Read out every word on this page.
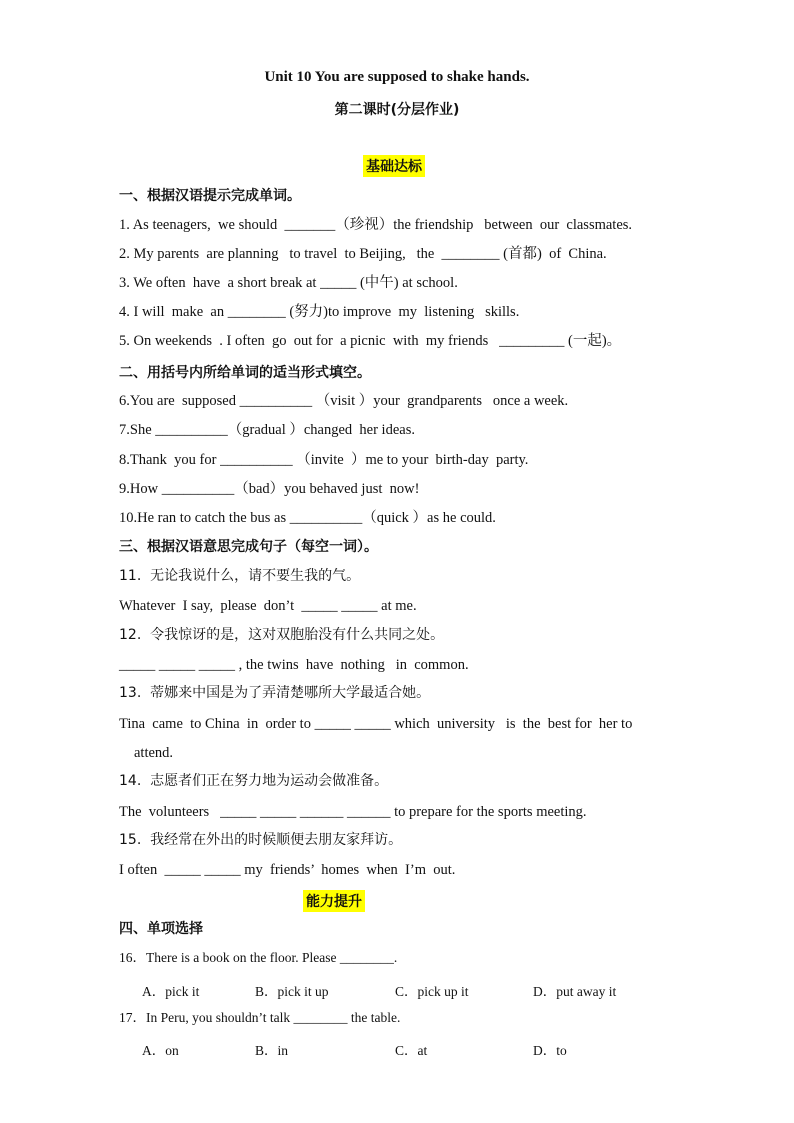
Unit 10 You are supposed to shake hands.
第二课时(分层作业)
基础达标
一、根据汉语提示完成单词。
1. As teenagers,  we should  _______（珍视）the friendship   between  our  classmates.
2. My parents  are planning   to travel  to Beijing,   the  ________ (首都)  of  China.
3. We often  have  a short break at _____ (中午) at school.
4. I will  make  an ________ (努力)to improve  my  listening   skills.
5. On weekends  . I often  go  out for  a picnic  with  my friends   _________ (一起)。
二、用括号内所给单词的适当形式填空。
6.You are  supposed __________ （visit ）your  grandparents   once a week.
7.She __________（gradual ）changed  her ideas.
8.Thank  you for __________ （invite  ）me to your  birth-day  party.
9.How __________（bad）you behaved just  now!
10.He ran to catch the bus as __________（quick ）as he could.
三、根据汉语意思完成句子（每空一词）。
11.  无论我说什么，请不要生我的气。
Whatever  I say,  please  don’t  _____ _____ at me.
12.  令我惊讶的是，这对双胞胎没有什么共同之处。
_____ _____ _____ , the twins  have  nothing   in  common.
13.  蒂娜来中国是为了弄清楚哪所大学最适合她。
Tina  came  to China  in  order to _____ _____ which  university   is  the  best for  her to
attend.
14.  志愿者们正在努力地为运动会做准备。
The  volunteers   _____ _____ ______ ______ to prepare for the sports meeting.
15.  我经常在外出的时候顺便去朋友家拜访。
I often  _____ _____ my  friends’  homes  when  I’m  out.
能力提升
四、单项选择
16．There is a book on the floor. Please ________.
A．pick it	B．pick it up	C．pick up it	D．put away it
17．In Peru, you shouldn’t talk ________ the table.
A．on	B．in	C．at	D．to
